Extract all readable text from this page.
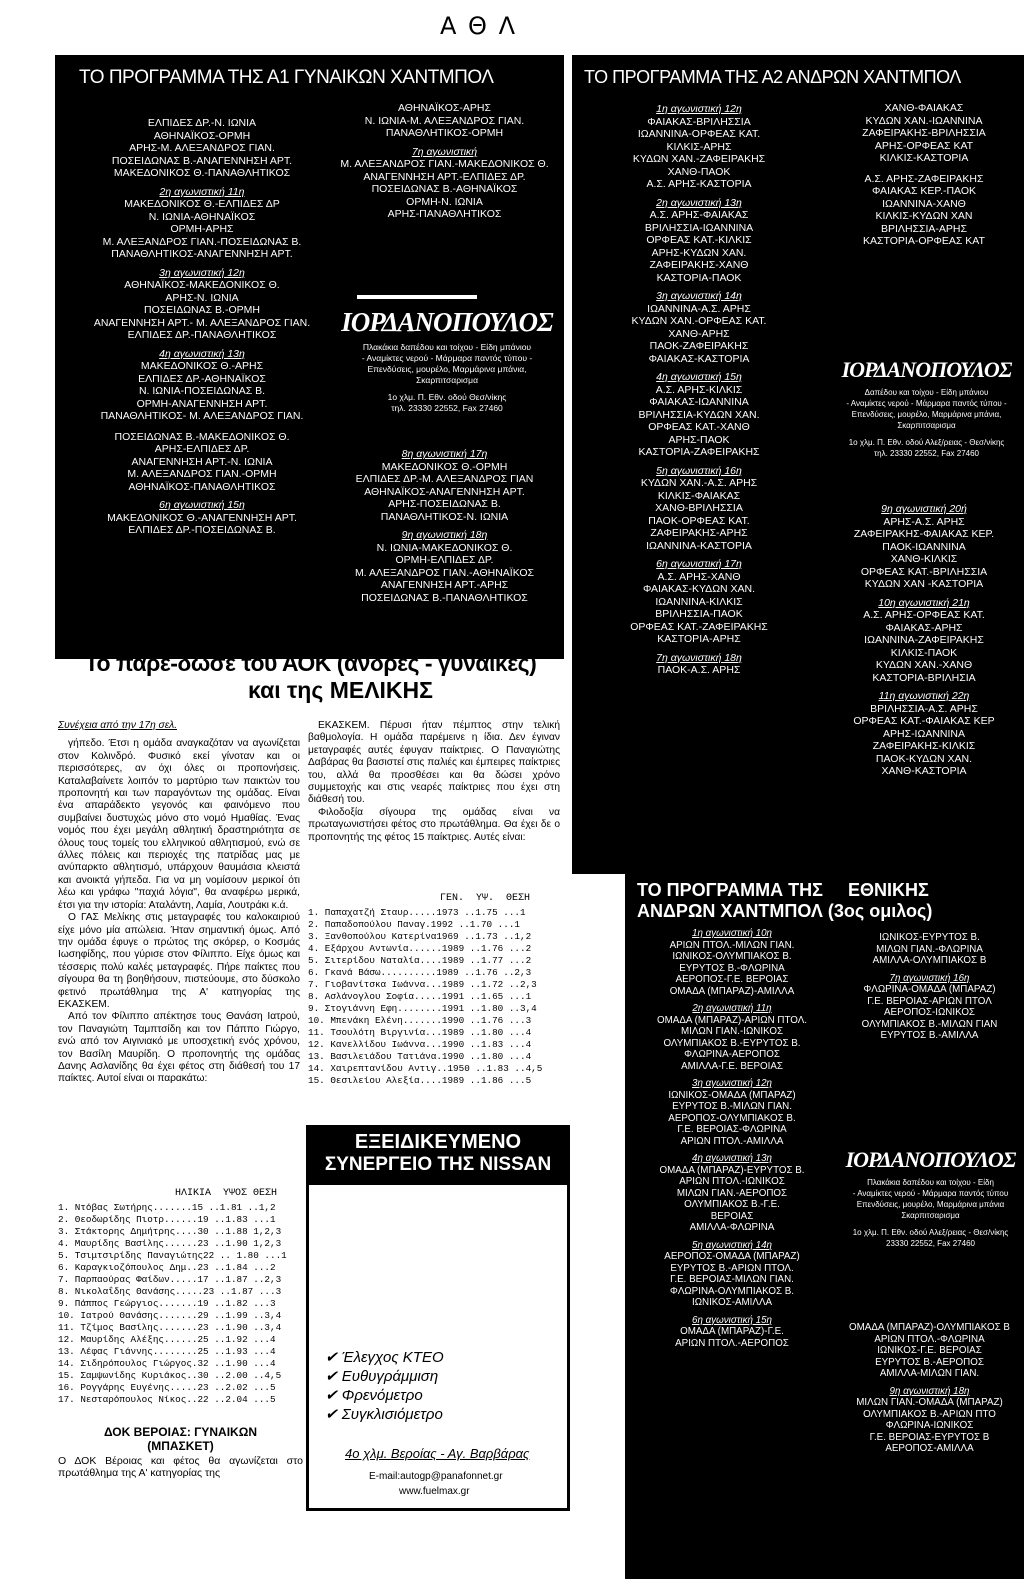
Α Θ Λ
ΤΟ ΠΡΟΓΡΑΜΜΑ ΤΗΣ Α1 ΓΥΝΑΙΚΩΝ ΧΑΝΤΜΠΟΛ
ΕΛΠΙΔΕΣ ΔΡ.-Ν. ΙΩΝΙΑ
ΑΘΗΝΑΪΚΟΣ-ΟΡΜΗ
ΑΡΗΣ-Μ. ΑΛΕΞΑΝΔΡΟΣ ΓΙΑΝ.
ΠΟΣΕΙΔΩΝΑΣ Β.-ΑΝΑΓΕΝΝΗΣΗ ΑΡΤ.
ΜΑΚΕΔΟΝΙΚΟΣ Θ.-ΠΑΝΑΘΛΗΤΙΚΟΣ
2η αγωνιστική 11η
ΜΑΚΕΔΟΝΙΚΟΣ Θ.-ΕΛΠΙΔΕΣ ΔΡ
Ν. ΙΩΝΙΑ-ΑΘΗΝΑΪΚΟΣ
ΟΡΜΗ-ΑΡΗΣ
Μ. ΑΛΕΞΑΝΔΡΟΣ ΓΙΑΝ.-ΠΟΣΕΙΔΩΝΑΣ Β.
ΠΑΝΑΘΛΗΤΙΚΟΣ-ΑΝΑΓΕΝΝΗΣΗ ΑΡΤ.
3η αγωνιστική 12η
ΑΘΗΝΑΪΚΟΣ-ΜΑΚΕΔΟΝΙΚΟΣ Θ.
ΑΡΗΣ-Ν. ΙΩΝΙΑ
ΠΟΣΕΙΔΩΝΑΣ Β.-ΟΡΜΗ
ΑΝΑΓΕΝΝΗΣΗ ΑΡΤ.- Μ. ΑΛΕΞΑΝΔΡΟΣ ΓΙΑΝ.
ΕΛΠΙΔΕΣ ΔΡ.-ΠΑΝΑΘΛΗΤΙΚΟΣ
4η αγωνιστική 13η
ΜΑΚΕΔΟΝΙΚΟΣ Θ.-ΑΡΗΣ
ΕΛΠΙΔΕΣ ΔΡ.-ΑΘΗΝΑΪΚΟΣ
Ν. ΙΩΝΙΑ-ΠΟΣΕΙΔΩΝΑΣ Β.
ΟΡΜΗ-ΑΝΑΓΕΝΝΗΣΗ ΑΡΤ.
ΠΑΝΑΘΛΗΤΙΚΟΣ- Μ. ΑΛΕΞΑΝΔΡΟΣ ΓΙΑΝ.
ΠΟΣΕΙΔΩΝΑΣ Β.-ΜΑΚΕΔΟΝΙΚΟΣ Θ.
ΑΡΗΣ-ΕΛΠΙΔΕΣ ΔΡ.
ΑΝΑΓΕΝΝΗΣΗ ΑΡΤ.-Ν. ΙΩΝΙΑ
Μ. ΑΛΕΞΑΝΔΡΟΣ ΓΙΑΝ.-ΟΡΜΗ
ΑΘΗΝΑΪΚΟΣ-ΠΑΝΑΘΛΗΤΙΚΟΣ
6η αγωνιστική 15η
ΜΑΚΕΔΟΝΙΚΟΣ Θ.-ΑΝΑΓΕΝΝΗΣΗ ΑΡΤ.
ΕΛΠΙΔΕΣ ΔΡ.-ΠΟΣΕΙΔΩΝΑΣ Β.
ΑΘΗΝΑΪΚΟΣ-ΑΡΗΣ
Ν. ΙΩΝΙΑ-Μ. ΑΛΕΞΑΝΔΡΟΣ ΓΙΑΝ.
ΠΑΝΑΘΛΗΤΙΚΟΣ-ΟΡΜΗ
7η αγωνιστική
Μ. ΑΛΕΞΑΝΔΡΟΣ ΓΙΑΝ.-ΜΑΚΕΔΟΝΙΚΟΣ Θ.
ΑΝΑΓΕΝΝΗΣΗ ΑΡΤ.-ΕΛΠΙΔΕΣ ΔΡ.
ΠΟΣΕΙΔΩΝΑΣ Β.-ΑΘΗΝΑΪΚΟΣ
ΟΡΜΗ-Ν. ΙΩΝΙΑ
ΑΡΗΣ-ΠΑΝΑΘΛΗΤΙΚΟΣ
ΙΟΡΔΑΝΟΠΟΥΛΟΣ
Πλακάκια δαπέδου και τοίχου - Είδη μπάνιου
- Αναμίκτες νερού - Μάρμαρα παντός τύπου -
Επενδύσεις, μουρέλο, Μαρμάρινα μπάνια,
Σκαρπιτσαρισμα
1ο χλμ. Π. Εθν. οδού Θεσ/νίκης
τηλ. 23330 22552, Fax 27460
8η αγωνιστική 17η
ΜΑΚΕΔΟΝΙΚΟΣ Θ.-ΟΡΜΗ
ΕΛΠΙΔΕΣ ΔΡ.-Μ. ΑΛΕΞΑΝΔΡΟΣ ΓΙΑΝ
ΑΘΗΝΑΪΚΟΣ-ΑΝΑΓΕΝΝΗΣΗ ΑΡΤ.
ΑΡΗΣ-ΠΟΣΕΙΔΩΝΑΣ Β.
ΠΑΝΑΘΛΗΤΙΚΟΣ-Ν. ΙΩΝΙΑ
9η αγωνιστική 18η
Ν. ΙΩΝΙΑ-ΜΑΚΕΔΟΝΙΚΟΣ Θ.
ΟΡΜΗ-ΕΛΠΙΔΕΣ ΔΡ.
Μ. ΑΛΕΞΑΝΔΡΟΣ ΓΙΑΝ.-ΑΘΗΝΑΪΚΟΣ
ΑΝΑΓΕΝΝΗΣΗ ΑΡΤ.-ΑΡΗΣ
ΠΟΣΕΙΔΩΝΑΣ Β.-ΠΑΝΑΘΛΗΤΙΚΟΣ
ΤΟ ΠΡΟΓΡΑΜΜΑ ΤΗΣ Α2 ΑΝΔΡΩΝ ΧΑΝΤΜΠΟΛ
1η αγωνιστική 12η
ΦΑΙΑΚΑΣ-ΒΡΙΛΗΣΣΙΑ
ΙΩΑΝΝΙΝΑ-ΟΡΦΕΑΣ ΚΑΤ.
ΚΙΛΚΙΣ-ΑΡΗΣ
ΚΥΔΩΝ ΧΑΝ.-ΖΑΦΕΙΡΑΚΗΣ
ΧΑΝΘ-ΠΑΟΚ
Α.Σ. ΑΡΗΣ-ΚΑΣΤΟΡΙΑ
2η αγωνιστική 13η
Α.Σ. ΑΡΗΣ-ΦΑΙΑΚΑΣ
ΒΡΙΛΗΣΣΙΑ-ΙΩΑΝΝΙΝΑ
ΟΡΦΕΑΣ ΚΑΤ.-ΚΙΛΚΙΣ
ΑΡΗΣ-ΚΥΔΩΝ ΧΑΝ.
ΖΑΦΕΙΡΑΚΗΣ-ΧΑΝΘ
ΚΑΣΤΟΡΙΑ-ΠΑΟΚ
3η αγωνιστική 14η
ΙΩΑΝΝΙΝΑ-Α.Σ. ΑΡΗΣ
ΚΥΔΩΝ ΧΑΝ.-ΟΡΦΕΑΣ ΚΑΤ.
ΧΑΝΘ-ΑΡΗΣ
ΠΑΟΚ-ΖΑΦΕΙΡΑΚΗΣ
ΦΑΙΑΚΑΣ-ΚΑΣΤΟΡΙΑ
4η αγωνιστική 15η
Α.Σ. ΑΡΗΣ-ΚΙΛΚΙΣ
ΦΑΙΑΚΑΣ-ΙΩΑΝΝΙΝΑ
ΒΡΙΛΗΣΣΙΑ-ΚΥΔΩΝ ΧΑΝ.
ΟΡΦΕΑΣ ΚΑΤ.-ΧΑΝΘ
ΑΡΗΣ-ΠΑΟΚ
ΚΑΣΤΟΡΙΑ-ΖΑΦΕΙΡΑΚΗΣ
5η αγωνιστική 16η
ΚΥΔΩΝ ΧΑΝ.-Α.Σ. ΑΡΗΣ
ΚΙΛΚΙΣ-ΦΑΙΑΚΑΣ
ΧΑΝΘ-ΒΡΙΛΗΣΣΙΑ
ΠΑΟΚ-ΟΡΦΕΑΣ ΚΑΤ.
ΖΑΦΕΙΡΑΚΗΣ-ΑΡΗΣ
ΙΩΑΝΝΙΝΑ-ΚΑΣΤΟΡΙΑ
6η αγωνιστική 17η
Α.Σ. ΑΡΗΣ-ΧΑΝΘ
ΦΑΙΑΚΑΣ-ΚΥΔΩΝ ΧΑΝ.
ΙΩΑΝΝΙΝΑ-ΚΙΛΚΙΣ
ΒΡΙΛΗΣΣΙΑ-ΠΑΟΚ
ΟΡΦΕΑΣ ΚΑΤ.-ΖΑΦΕΙΡΑΚΗΣ
ΚΑΣΤΟΡΙΑ-ΑΡΗΣ
7η αγωνιστική 18η
ΠΑΟΚ-Α.Σ. ΑΡΗΣ
ΧΑΝΘ-ΦΑΙΑΚΑΣ
ΚΥΔΩΝ ΧΑΝ.-ΙΩΑΝΝΙΝΑ
ΖΑΦΕΙΡΑΚΗΣ-ΒΡΙΛΗΣΣΙΑ
ΑΡΗΣ-ΟΡΦΕΑΣ ΚΑΤ
ΚΙΛΚΙΣ-ΚΑΣΤΟΡΙΑ
Α.Σ. ΑΡΗΣ-ΖΑΦΕΙΡΑΚΗΣ
ΦΑΙΑΚΑΣ ΚΕΡ.-ΠΑΟΚ
ΙΩΑΝΝΙΝΑ-ΧΑΝΘ
ΚΙΛΚΙΣ-ΚΥΔΩΝ ΧΑΝ
ΒΡΙΛΗΣΣΙΑ-ΑΡΗΣ
ΚΑΣΤΟΡΙΑ-ΟΡΦΕΑΣ ΚΑΤ
ΙΟΡΔΑΝΟΠΟΥΛΟΣ
Δαπέδου και τοίχου - Είδη μπάνιου
- Αναμίκτες νερού - Μάρμαρα παντός τύπου -
Επενδύσεις, μουρέλο, Μαρμάρινα μπάνια,
Σκαρπιτσαρισμα
1ο χλμ. Π. Εθν. οδού Αλεξ/ρειας - Θεσ/νίκης
τηλ. 23330 22552, Fax 27460
9η αγωνιστική 20ή
ΑΡΗΣ-Α.Σ. ΑΡΗΣ
ΖΑΦΕΙΡΑΚΗΣ-ΦΑΙΑΚΑΣ ΚΕΡ.
ΠΑΟΚ-ΙΩΑΝΝΙΝΑ
ΧΑΝΘ-ΚΙΛΚΙΣ
ΟΡΦΕΑΣ ΚΑΤ.-ΒΡΙΛΗΣΣΙΑ
ΚΥΔΩΝ ΧΑΝ -ΚΑΣΤΟΡΙΑ
10η αγωνιστική 21η
Α.Σ. ΑΡΗΣ-ΟΡΦΕΑΣ ΚΑΤ.
ΦΑΙΑΚΑΣ-ΑΡΗΣ
ΙΩΑΝΝΙΝΑ-ΖΑΦΕΙΡΑΚΗΣ
ΚΙΛΚΙΣ-ΠΑΟΚ
ΚΥΔΩΝ ΧΑΝ.-ΧΑΝΘ
ΚΑΣΤΟΡΙΑ-ΒΡΙΛΗΣΙΑ
11η αγωνιστική 22η
ΒΡΙΛΗΣΣΙΑ-Α.Σ. ΑΡΗΣ
ΟΡΦΕΑΣ ΚΑΤ.-ΦΑΙΑΚΑΣ ΚΕΡ
ΑΡΗΣ-ΙΩΑΝΝΙΝΑ
ΖΑΦΕΙΡΑΚΗΣ-ΚΙΛΚΙΣ
ΠΑΟΚ-ΚΥΔΩΝ ΧΑΝ.
ΧΑΝΘ-ΚΑΣΤΟΡΙΑ
Το πάρε-δώσε του ΑΟΚ (άνδρες - γυναίκες)
και της ΜΕΛΙΚΗΣ
Συνέχεια από την 17η σελ.
γήπεδο. Έτσι η ομάδα αναγκαζόταν να αγωνίζεται στον Κολινδρό. Φυσικό εκεί γίνοταν και οι περισσότερες, αν όχι όλες οι προπονήσεις. Καταλαβαίνετε λοιπόν το μαρτύριο των παικτών του προπονητή και των παραγόντων της ομάδας. Είναι ένα απαράδεκτο γεγονός και φαινόμενο που συμβαίνει δυστυχώς μόνο στο νομό Ημαθίας. Ένας νομός που έχει μεγάλη αθλητική δραστηριότητα σε όλους τους τομείς του ελληνικού αθλητισμού, ενώ σε άλλες πόλεις και περιοχές της πατρίδας μας με ανύπαρκτο αθλητισμό, υπάρχουν θαυμάσια κλειστά και ανοικτά γήπεδα. Για να μη νομίσουν μερικοί ότι λέω και γράφω "παχιά λόγια", θα αναφέρω μερικά, έτσι για την ιστορία: Αταλάντη, Λαμία, Λουτράκι κ.ά.
Ο ΓΑΣ Μελίκης στις μεταγραφές του καλοκαιριού είχε μόνο μία απώλεια. Ήταν σημαντική όμως. Από την ομάδα έφυγε ο πρώτος της σκόρερ, ο Κοσμάς Ιωσηφίδης, που γύρισε στον Φίλιππο. Είχε όμως και τέσσερις πολύ καλές μεταγραφές. Πήρε παίκτες που σίγουρα θα τη βοηθήσουν, πιστεύουμε, στο δύσκολο φετινό πρωτάθλημα της Α' κατηγορίας της ΕΚΑΣΚΕΜ.
Από τον Φίλιππο απέκτησε τους Θανάση Ιατρού, τον Παναγιώτη Ταμπτσίδη και τον Πάππο Γιώργο, ενώ από τον Αιγινιακό με υποσχετική ενός χρόνου, τον Βασίλη Μαυρίδη. Ο προπονητής της ομάδας Δανης Ασλανίδης θα έχει φέτος στη διάθεσή του 17 παίκτες. Αυτοί είναι οι παρακάτω:
ΗΛΙΚΙΑ  ΥΨΟΣ ΘΕΣΗ
1. Ντόβας Σωτήρης.......15 ..1.81 ..1,2
2. Θεοδωρίδης Πιοτρ......19 ..1.83 ...1
3. Στάκτορης Δημήτρης....30 ..1.88 1,2,3
4. Μαυρίδης Βασίλης......23 ..1.90 1,2,3
5. Τσιμτσιρίδης Παναγιώτης22 .. 1.80 ...1
6. Καραγκιοζόπουλος Δημ..23 ..1.84 ...2
7. Παρπαούρας Φαίδων.....17 ..1.87 ..2,3
8. Νικολαΐδης Θανάσης.....23 ..1.87 ...3
9. Πάππος Γεώργιος.......19 ..1.82 ...3
10. Ιατρού Θανάσης.......29 ..1.99 ..3,4
11. Τζίμος Βασίλης.......23 ..1.90 ..3,4
12. Μαυρίδης Αλέξης......25 ..1.92 ...4
13. Λέφας Γιάννης........25 ..1.93 ...4
14. Σιδηρόπουλος Γιώργος.32 ..1.90 ...4
15. Σαμψωνίδης Κυριάκος..30 ..2.00 ..4,5
16. Ρογγάρης Ευγένης.....23 ..2.02 ...5
17. Νεσταρόπουλος Νίκος..22 ..2.04 ...5
ΔΟΚ ΒΕΡΟΙΑΣ: ΓΥΝΑΙΚΩΝ
(ΜΠΑΣΚΕΤ)
Ο ΔΟΚ Βέροιας και φέτος θα αγωνίζεται στο πρωτάθλημα της Α' κατηγορίας της
ΕΚΑΣΚΕΜ. Πέρυσι ήταν πέμπτος στην τελική βαθμολογία. Η ομάδα παρέμεινε η ίδια. Δεν έγιναν μεταγραφές αυτές έφυγαν παίκτριες. Ο Παναγιώτης Δαβάρας θα βασιστεί στις παλιές και έμπειρες παίκτριες του, αλλά θα προσθέσει και θα δώσει χρόνο συμμετοχής και στις νεαρές παίκτριες που έχει στη διάθεσή του.
Φιλοδοξία σίγουρα της ομάδας είναι να πρωταγωνιστήσει φέτος στο πρωτάθλημα. Θα έχει δε ο προπονητής της φέτος 15 παίκτριες. Αυτές είναι:
ΓΕΝ.  ΥΨ.  ΘΕΣΗ
1. Παπαχατζή Σταυρ.....1973 ..1.75 ...1
2. Παπαδοπούλου Παναγ.1992 ..1.70 ...1
3. Ξανθοπούλου Κατερίνα1969 ..1.73 ..1,2
4. Εξάρχου Αντωνία......1989 ..1.76 ...2
5. Σιτερίδου Ναταλία....1989 ..1.77 ...2
6. Γκανά Βάσω..........1989 ..1.76 ..2,3
7. Γιοβανίτσκα Ιωάννα...1989 ..1.72 ..2,3
8. Ασλάνογλου Σοφία.....1991 ..1.65 ...1
9. Στογιάννη Εφη........1991 ..1.80 ..3,4
10. Μπενάκη Ελένη.......1990 ..1.76 ...3
11. Τσουλότη Βιργινία...1989 ..1.80 ...4
12. Κανελλίδου Ιωάννα...1990 ..1.83 ...4
13. Βασιλειάδου Τατιάνα.1990 ..1.80 ...4
14. Χαιρεπτανίδου Αντιγ..1950 ..1.83 ..4,5
15. Θεσιλείου Αλεξία....1989 ..1.86 ...5
ΕΞΕΙΔΙΚΕΥΜΕΝΟ
ΣΥΝΕΡΓΕΙΟ ΤΗΣ NISSAN
✔ Έλεγχος ΚΤΕΟ
✔ Ευθυγράμμιση
✔ Φρενόμετρο
✔ Συγκλισιόμετρο
4ο χλμ. Βεροίας - Αγ. Βαρβάρας
E-mail:autogp@panafonnet.gr
www.fuelmax.gr
ΤΟ ΠΡΟΓΡΑΜΜΑ ΤΗΣ ΕΘΝΙΚΗΣ
ΑΝΔΡΩΝ ΧΑΝΤΜΠΟΛ (3ος ομιλος)
1η αγωνιστική 10η
ΑΡΙΩΝ ΠΤΟΛ.-ΜΙΛΩΝ ΓΙΑΝ.
ΙΩΝΙΚΟΣ-ΟΛΥΜΠΙΑΚΟΣ Β.
ΕΥΡΥΤΟΣ Β.-ΦΛΩΡΙΝΑ
ΑΕΡΟΠΟΣ-Γ.Ε. ΒΕΡΟΙΑΣ
ΟΜΑΔΑ (ΜΠΑΡΑΖ)-ΑΜΙΛΛΑ
2η αγωνιστική 11η
ΟΜΑΔΑ (ΜΠΑΡΑΖ)-ΑΡΙΩΝ ΠΤΟΛ.
ΜΙΛΩΝ ΓΙΑΝ.-ΙΩΝΙΚΟΣ
ΟΛΥΜΠΙΑΚΟΣ Β.-ΕΥΡΥΤΟΣ Β.
ΦΛΩΡΙΝΑ-ΑΕΡΟΠΟΣ
ΑΜΙΛΛΑ-Γ.Ε. ΒΕΡΟΙΑΣ
3η αγωνιστική 12η
ΙΩΝΙΚΟΣ-ΟΜΑΔΑ (ΜΠΑΡΑΖ)
ΕΥΡΥΤΟΣ Β.-ΜΙΛΩΝ ΓΙΑΝ.
ΑΕΡΟΠΟΣ-ΟΛΥΜΠΙΑΚΟΣ Β.
Γ.Ε. ΒΕΡΟΙΑΣ-ΦΛΩΡΙΝΑ
ΑΡΙΩΝ ΠΤΟΛ.-ΑΜΙΛΛΑ
4η αγωνιστική 13η
ΟΜΑΔΑ (ΜΠΑΡΑΖ)-ΕΥΡΥΤΟΣ Β.
ΑΡΙΩΝ ΠΤΟΛ.-ΙΩΝΙΚΟΣ
ΜΙΛΩΝ ΓΙΑΝ.-ΑΕΡΟΠΟΣ
ΟΛΥΜΠΙΑΚΟΣ Β.-Γ.Ε.
ΒΕΡΟΙΑΣ
ΑΜΙΛΛΑ-ΦΛΩΡΙΝΑ
5η αγωνιστική 14η
ΑΕΡΟΠΟΣ-ΟΜΑΔΑ (ΜΠΑΡΑΖ)
ΕΥΡΥΤΟΣ Β.-ΑΡΙΩΝ ΠΤΟΛ.
Γ.Ε. ΒΕΡΟΙΑΣ-ΜΙΛΩΝ ΓΙΑΝ.
ΦΛΩΡΙΝΑ-ΟΛΥΜΠΙΑΚΟΣ Β.
ΙΩΝΙΚΟΣ-ΑΜΙΛΛΑ
6η αγωνιστική 15η
ΟΜΑΔΑ (ΜΠΑΡΑΖ)-Γ.Ε.
ΑΡΙΩΝ ΠΤΟΛ.-ΑΕΡΟΠΟΣ
ΙΩΝΙΚΟΣ-ΕΥΡΥΤΟΣ Β.
ΜΙΛΩΝ ΓΙΑΝ.-ΦΛΩΡΙΝΑ
ΑΜΙΛΛΑ-ΟΛΥΜΠΙΑΚΟΣ Β
7η αγωνιστική 16η
ΦΛΩΡΙΝΑ-ΟΜΑΔΑ (ΜΠΑΡΑΖ)
Γ.Ε. ΒΕΡΟΙΑΣ-ΑΡΙΩΝ ΠΤΟΛ
ΑΕΡΟΠΟΣ-ΙΩΝΙΚΟΣ
ΟΛΥΜΠΙΑΚΟΣ Β.-ΜΙΛΩΝ ΓΙΑΝ
ΕΥΡΥΤΟΣ Β.-ΑΜΙΛΛΑ
ΙΟΡΔΑΝΟΠΟΥΛΟΣ
Πλακάκια δαπέδου και τοίχου - Είδη
- Αναμίκτες νερού - Μάρμαρα παντός τύπου
Επενδύσεις, μουρέλο, Μαρμάρινα μπάνια
Σκαρπιτσαρισμα
1ο χλμ. Π. Εθν. οδού Αλεξ/ρειας - Θεσ/νίκης
23330 22552, Fax 27460
ΟΜΑΔΑ (ΜΠΑΡΑΖ)-ΟΛΥΜΠΙΑΚΟΣ Β
ΑΡΙΩΝ ΠΤΟΛ.-ΦΛΩΡΙΝΑ
ΙΩΝΙΚΟΣ-Γ.Ε. ΒΕΡΟΙΑΣ
ΕΥΡΥΤΟΣ Β.-ΑΕΡΟΠΟΣ
ΑΜΙΛΛΑ-ΜΙΛΩΝ ΓΙΑΝ.
9η αγωνιστική 18η
ΜΙΛΩΝ ΓΙΑΝ.-ΟΜΑΔΑ (ΜΠΑΡΑΖ)
ΟΛΥΜΠΙΑΚΟΣ Β.-ΑΡΙΩΝ ΠΤΟ
ΦΛΩΡΙΝΑ-ΙΩΝΙΚΟΣ
Γ.Ε. ΒΕΡΟΙΑΣ-ΕΥΡΥΤΟΣ Β
ΑΕΡΟΠΟΣ-ΑΜΙΛΛΑ
